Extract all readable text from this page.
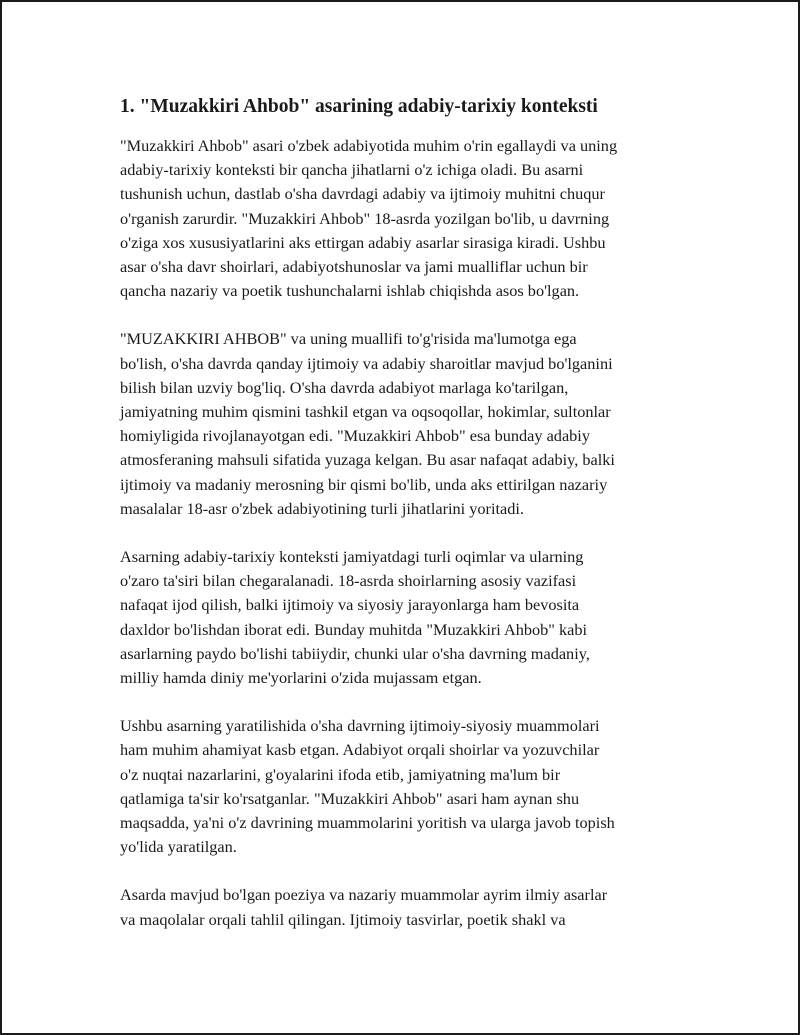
1. "Muzakkiri Ahbob" asarining adabiy-tarixiy konteksti
"Muzakkiri Ahbob" asari o'zbek adabiyotida muhim o'rin egallaydi va uning
adabiy-tarixiy konteksti bir qancha jihatlarni o'z ichiga oladi. Bu asarni
tushunish uchun, dastlab o'sha davrdagi adabiy va ijtimoiy muhitni chuqur
o'rganish zarurdir. "Muzakkiri Ahbob" 18-asrda yozilgan bo'lib, u davrning
o'ziga xos xususiyatlarini aks ettirgan adabiy asarlar sirasiga kiradi. Ushbu
asar o'sha davr shoirlari, adabiyotshunoslar va jami mualliflar uchun bir
qancha nazariy va poetik tushunchalarni ishlab chiqishda asos bo'lgan.
"MUZAKKIRI AHBOB" va uning muallifi to'g'risida ma'lumotga ega
bo'lish, o'sha davrda qanday ijtimoiy va adabiy sharoitlar mavjud bo'lganini
bilish bilan uzviy bog'liq. O'sha davrda adabiyot marlaga ko'tarilgan,
jamiyatning muhim qismini tashkil etgan va oqsoqollar, hokimlar, sultonlar
homiyligida rivojlanayotgan edi. "Muzakkiri Ahbob" esa bunday adabiy
atmosferaning mahsuli sifatida yuzaga kelgan. Bu asar nafaqat adabiy, balki
ijtimoiy va madaniy merosning bir qismi bo'lib, unda aks ettirilgan nazariy
masalalar 18-asr o'zbek adabiyotining turli jihatlarini yoritadi.
Asarning adabiy-tarixiy konteksti jamiyatdagi turli oqimlar va ularning
o'zaro ta'siri bilan chegaralanadi. 18-asrda shoirlarning asosiy vazifasi
nafaqat ijod qilish, balki ijtimoiy va siyosiy jarayonlarga ham bevosita
daxldor bo'lishdan iborat edi. Bunday muhitda "Muzakkiri Ahbob" kabi
asarlarning paydo bo'lishi tabiiydir, chunki ular o'sha davrning madaniy,
milliy hamda diniy me'yorlarini o'zida mujassam etgan.
Ushbu asarning yaratilishida o'sha davrning ijtimoiy-siyosiy muammolari
ham muhim ahamiyat kasb etgan. Adabiyot orqali shoirlar va yozuvchilar
o'z nuqtai nazarlarini, g'oyalarini ifoda etib, jamiyatning ma'lum bir
qatlamiga ta'sir ko'rsatganlar. "Muzakkiri Ahbob" asari ham aynan shu
maqsadda, ya'ni o'z davrining muammolarini yoritish va ularga javob topish
yo'lida yaratilgan.
Asarda mavjud bo'lgan poeziya va nazariy muammolar ayrim ilmiy asarlar
va maqolalar orqali tahlil qilingan. Ijtimoiy tasvirlar, poetik shakl va
